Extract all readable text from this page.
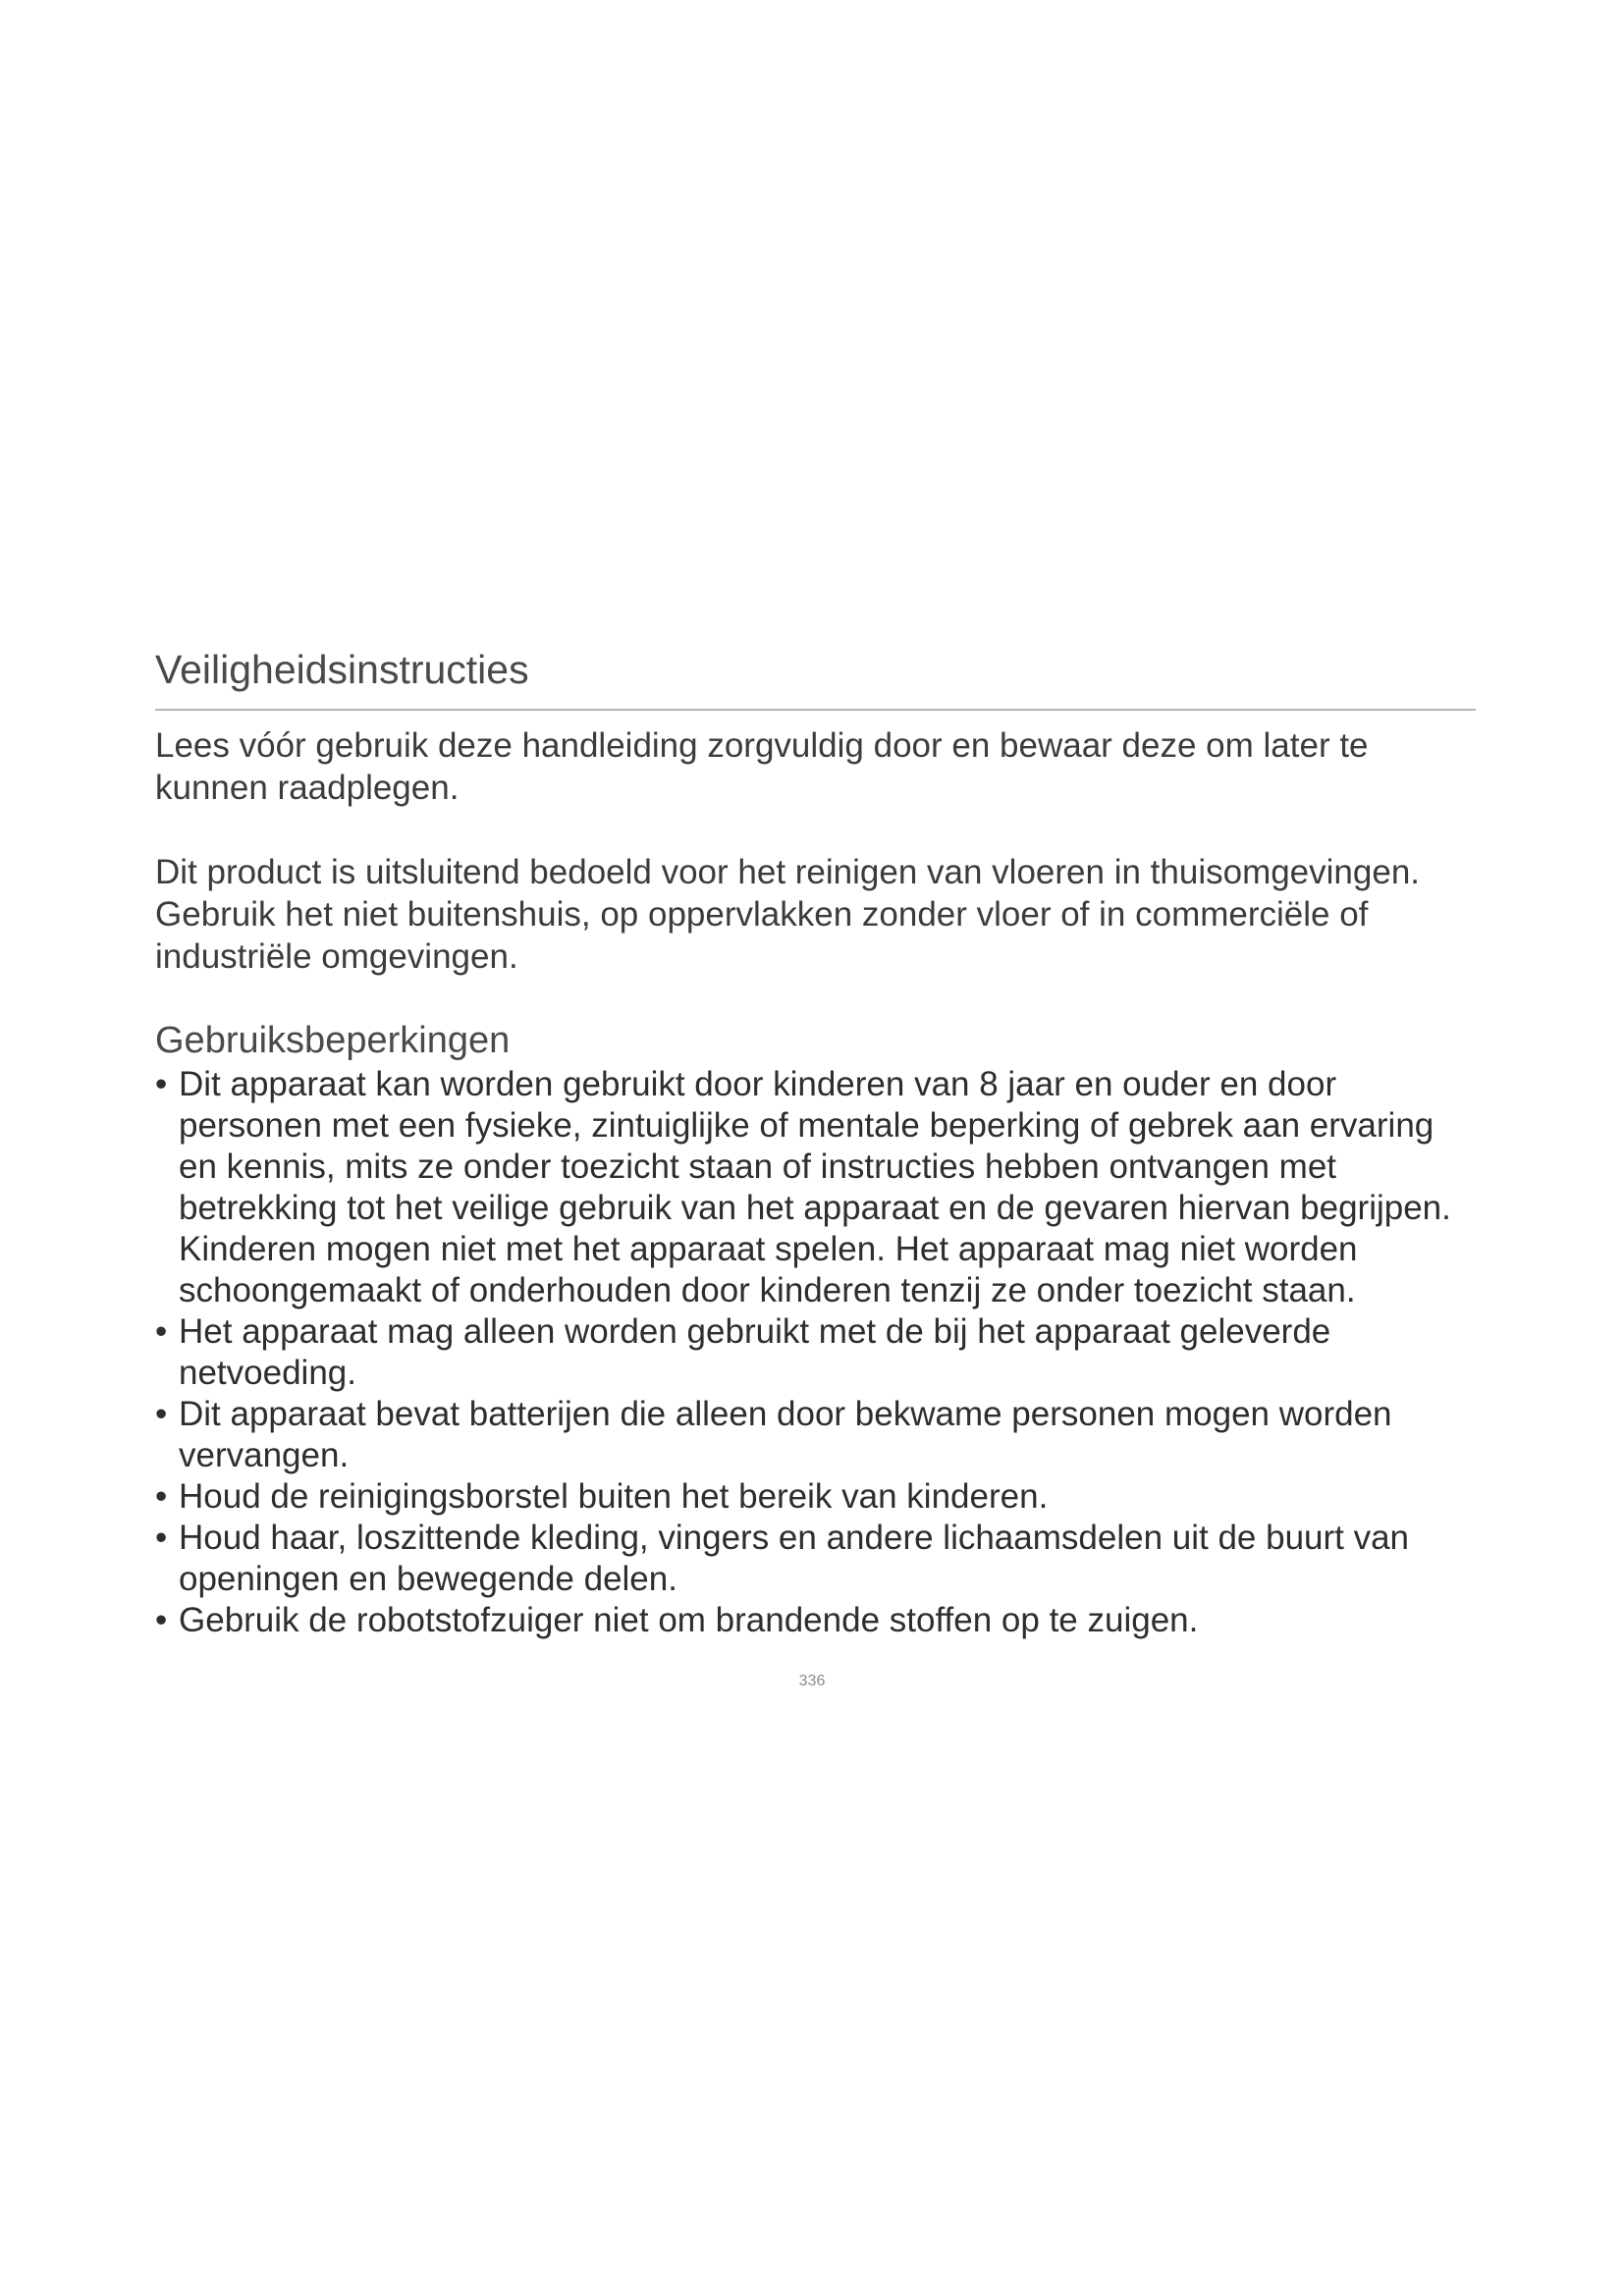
Veiligheidsinstructies

Lees vóór gebruik deze handleiding zorgvuldig door en bewaar deze om later te kunnen raadplegen.

Dit product is uitsluitend bedoeld voor het reinigen van vloeren in thuisomgevingen. Gebruik het niet buitenshuis, op oppervlakken zonder vloer of in commerciële of industriële omgevingen.

Gebruiksbeperkingen
• Dit apparaat kan worden gebruikt door kinderen van 8 jaar en ouder en door personen met een fysieke, zintuiglijke of mentale beperking of gebrek aan ervaring en kennis, mits ze onder toezicht staan of instructies hebben ontvangen met betrekking tot het veilige gebruik van het apparaat en de gevaren hiervan begrijpen. Kinderen mogen niet met het apparaat spelen. Het apparaat mag niet worden schoongemaakt of onderhouden door kinderen tenzij ze onder toezicht staan.
• Het apparaat mag alleen worden gebruikt met de bij het apparaat geleverde netvoeding.
• Dit apparaat bevat batterijen die alleen door bekwame personen mogen worden vervangen.
• Houd de reinigingsborstel buiten het bereik van kinderen.
• Houd haar, loszittende kleding, vingers en andere lichaamsdelen uit de buurt van openingen en bewegende delen.
• Gebruik de robotstofzuiger niet om brandende stoffen op te zuigen.
336
